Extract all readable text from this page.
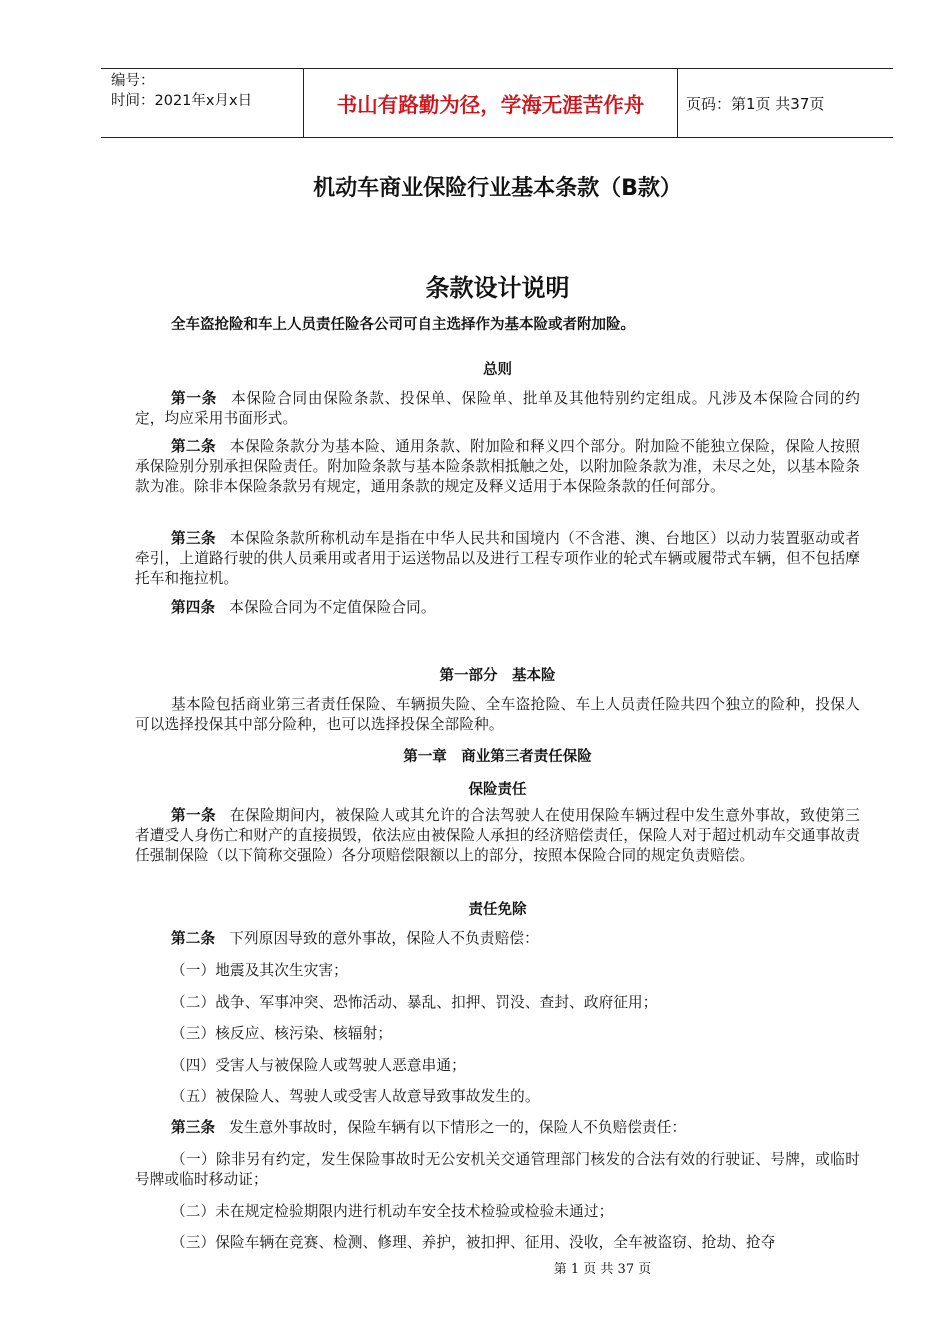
编号：
时间：2021年x月x日	书山有路勤为径，学海无涯苦作舟	页码：第1页 共37页
机动车商业保险行业基本条款（B款）
条款设计说明
全车盗抢险和车上人员责任险各公司可自主选择作为基本险或者附加险。
总则
第一条 本保险合同由保险条款、投保单、保险单、批单及其他特别约定组成。凡涉及本保险合同的约定，均应采用书面形式。
第二条 本保险条款分为基本险、通用条款、附加险和释义四个部分。附加险不能独立保险，保险人按照承保险别分别承担保险责任。附加险条款与基本险条款相抵触之处，以附加险条款为准，未尽之处，以基本险条款为准。除非本保险条款另有规定，通用条款的规定及释义适用于本保险条款的任何部分。
第三条 本保险条款所称机动车是指在中华人民共和国境内（不含港、澳、台地区）以动力装置驱动或者牵引，上道路行驶的供人员乘用或者用于运送物品以及进行工程专项作业的轮式车辆或履带式车辆，但不包括摩托车和拖拉机。
第四条 本保险合同为不定值保险合同。
第一部分　基本险
基本险包括商业第三者责任保险、车辆损失险、全车盗抢险、车上人员责任险共四个独立的险种，投保人可以选择投保其中部分险种，也可以选择投保全部险种。
第一章　商业第三者责任保险
保险责任
第一条 在保险期间内，被保险人或其允许的合法驾驶人在使用保险车辆过程中发生意外事故，致使第三者遭受人身伤亡和财产的直接损毁，依法应由被保险人承担的经济赔偿责任，保险人对于超过机动车交通事故责任强制保险（以下简称交强险）各分项赔偿限额以上的部分，按照本保险合同的规定负责赔偿。
责任免除
第二条 下列原因导致的意外事故，保险人不负责赔偿：
（一）地震及其次生灾害；
（二）战争、军事冲突、恐怖活动、暴乱、扣押、罚没、查封、政府征用；
（三）核反应、核污染、核辐射；
（四）受害人与被保险人或驾驶人恶意串通；
（五）被保险人、驾驶人或受害人故意导致事故发生的。
第三条 发生意外事故时，保险车辆有以下情形之一的，保险人不负赔偿责任：
（一）除非另有约定，发生保险事故时无公安机关交通管理部门核发的合法有效的行驶证、号牌，或临时号牌或临时移动证；
（二）未在规定检验期限内进行机动车安全技术检验或检验未通过；
（三）保险车辆在竞赛、检测、修理、养护，被扣押、征用、没收，全车被盗窃、抢劫、抢夺
第 1 页 共 37 页
